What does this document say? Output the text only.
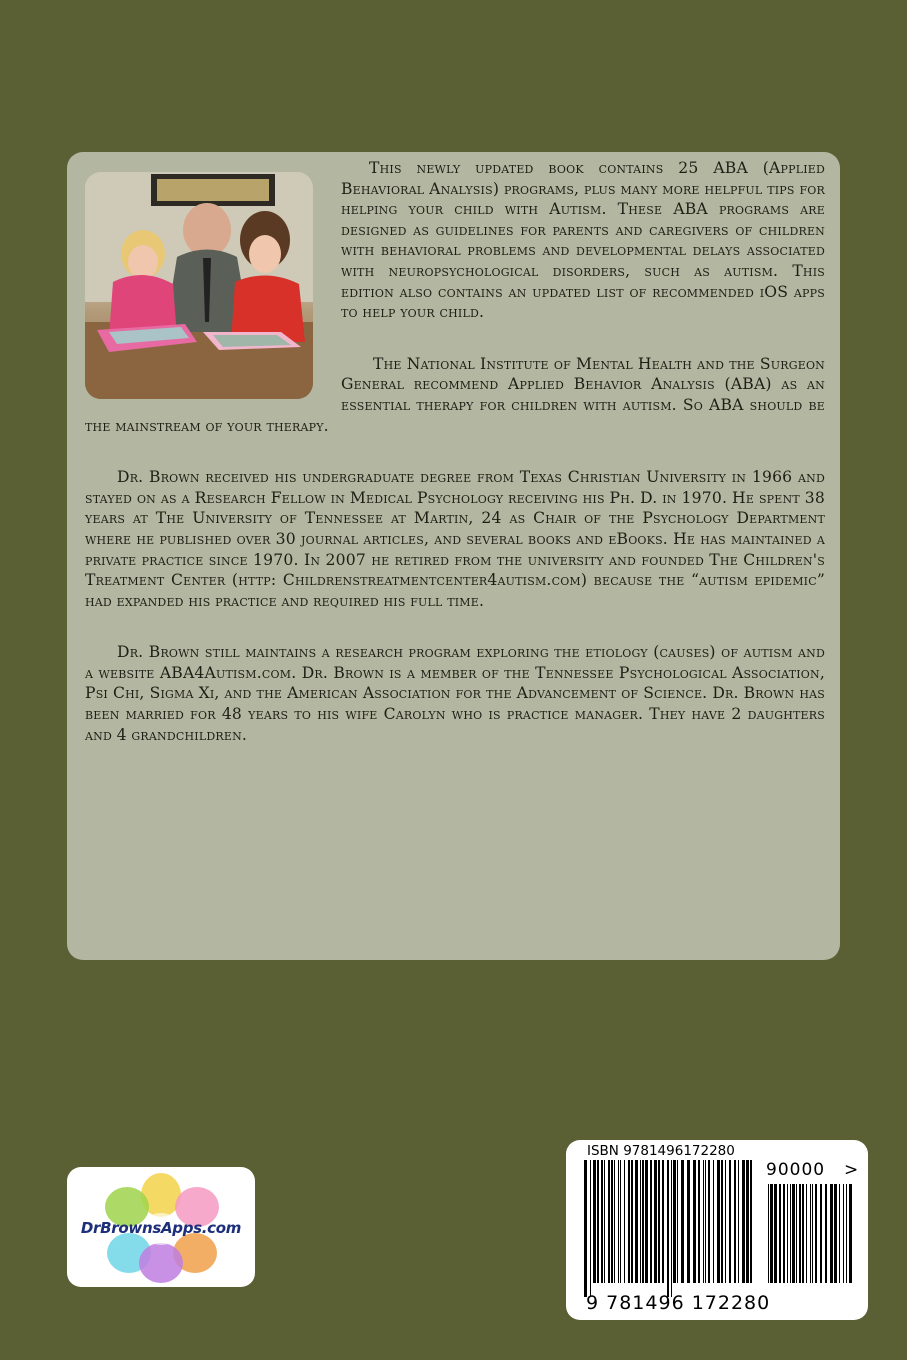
This newly updated book contains 25 ABA (Applied Behavioral Analysis) programs, plus many more helpful tips for helping your child with Autism. These ABA programs are designed as guidelines for parents and caregivers of children with behavioral problems and developmental delays associated with neuropsychological disorders, such as autism. This edition also contains an updated list of recommended iOS apps to help your child.

The National Institute of Mental Health and the Surgeon General recommend Applied Behavior Analysis (ABA) as an essential therapy for children with autism. So ABA should be the mainstream of your therapy.

Dr. Brown received his undergraduate degree from Texas Christian University in 1966 and stayed on as a Research Fellow in Medical Psychology receiving his Ph. D. in 1970. He spent 38 years at The University of Tennessee at Martin, 24 as Chair of the Psychology Department where he published over 30 journal articles, and several books and eBooks. He has maintained a private practice since 1970. In 2007 he retired from the university and founded The Children's Treatment Center (http: Childrenstreatmentcenter4autism.com) because the “autism epidemic” had expanded his practice and required his full time.

Dr. Brown still maintains a research program exploring the etiology (causes) of autism and a website ABA4Autism.com. Dr. Brown is a member of the Tennessee Psychological Association, Psi Chi, Sigma Xi, and the American Association for the Advancement of Science. Dr. Brown has been married for 48 years to his wife Carolyn who is practice manager. They have 2 daughters and 4 grandchildren.

DrBrownsApps.com
ISBN 9781496172280
90000 >
9 781496 172280
